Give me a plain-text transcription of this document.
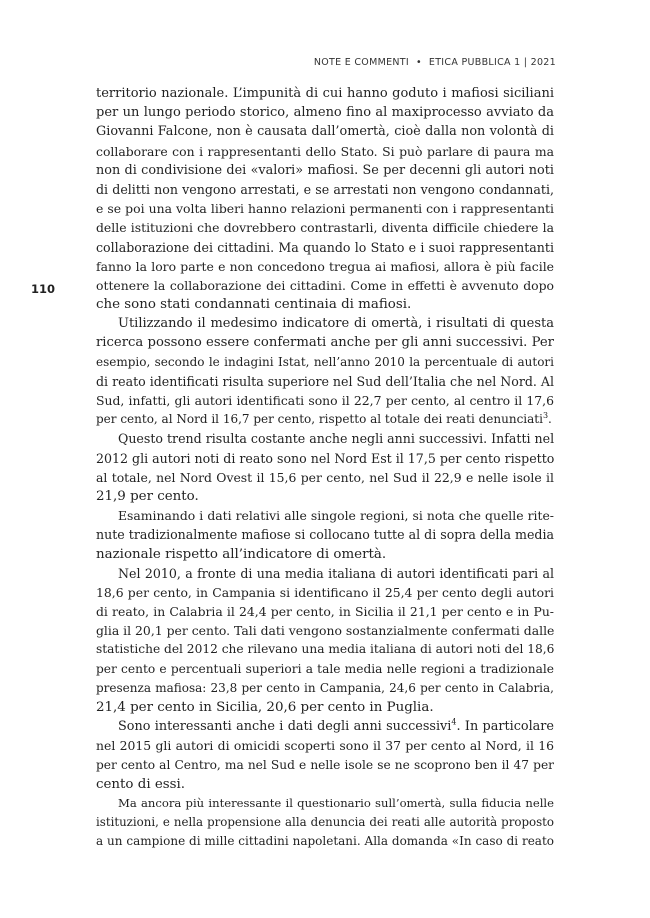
NOTE E COMMENTI • ETICA PUBBLICA 1 | 2021
110
territorio nazionale. L’impunità di cui hanno goduto i mafiosi siciliani
per un lungo periodo storico, almeno fino al maxiprocesso avviato da
Giovanni Falcone, non è causata dall’omertà, cioè dalla non volontà di
collaborare con i rappresentanti dello Stato. Si può parlare di paura ma
non di condivisione dei «valori» mafiosi. Se per decenni gli autori noti
di delitti non vengono arrestati, e se arrestati non vengono condannati,
e se poi una volta liberi hanno relazioni permanenti con i rappresentanti
delle istituzioni che dovrebbero contrastarli, diventa difficile chiedere la
collaborazione dei cittadini. Ma quando lo Stato e i suoi rappresentanti
fanno la loro parte e non concedono tregua ai mafiosi, allora è più facile
ottenere la collaborazione dei cittadini. Come in effetti è avvenuto dopo
che sono stati condannati centinaia di mafiosi.
Utilizzando il medesimo indicatore di omertà, i risultati di questa
ricerca possono essere confermati anche per gli anni successivi. Per
esempio, secondo le indagini Istat, nell’anno 2010 la percentuale di autori
di reato identificati risulta superiore nel Sud dell’Italia che nel Nord. Al
Sud, infatti, gli autori identificati sono il 22,7 per cento, al centro il 17,6
per cento, al Nord il 16,7 per cento, rispetto al totale dei reati denunciati$^3$.
Questo trend risulta costante anche negli anni successivi. Infatti nel
2012 gli autori noti di reato sono nel Nord Est il 17,5 per cento rispetto
al totale, nel Nord Ovest il 15,6 per cento, nel Sud il 22,9 e nelle isole il
21,9 per cento.
Esaminando i dati relativi alle singole regioni, si nota che quelle rite-
nute tradizionalmente mafiose si collocano tutte al di sopra della media
nazionale rispetto all’indicatore di omertà.
Nel 2010, a fronte di una media italiana di autori identificati pari al
18,6 per cento, in Campania si identificano il 25,4 per cento degli autori
di reato, in Calabria il 24,4 per cento, in Sicilia il 21,1 per cento e in Pu-
glia il 20,1 per cento. Tali dati vengono sostanzialmente confermati dalle
statistiche del 2012 che rilevano una media italiana di autori noti del 18,6
per cento e percentuali superiori a tale media nelle regioni a tradizionale
presenza mafiosa: 23,8 per cento in Campania, 24,6 per cento in Calabria,
21,4 per cento in Sicilia, 20,6 per cento in Puglia.
Sono interessanti anche i dati degli anni successivi$^4$. In particolare
nel 2015 gli autori di omicidi scoperti sono il 37 per cento al Nord, il 16
per cento al Centro, ma nel Sud e nelle isole se ne scoprono ben il 47 per
cento di essi.
Ma ancora più interessante il questionario sull’omertà, sulla fiducia nelle
istituzioni, e nella propensione alla denuncia dei reati alle autorità proposto
a un campione di mille cittadini napoletani. Alla domanda «In caso di reato
